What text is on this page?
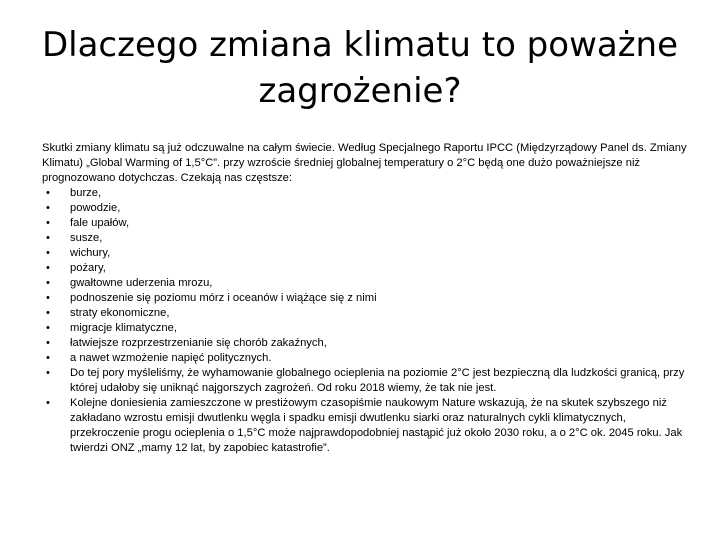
Dlaczego zmiana klimatu to poważne zagrożenie?

Skutki zmiany klimatu są już odczuwalne na całym świecie. Według Specjalnego Raportu IPCC (Międzyrządowy Panel ds. Zmiany Klimatu) „Global Warming of 1,5°C”. przy wzroście średniej globalnej temperatury o 2°C będą one dużo poważniejsze niż prognozowano dotychczas. Czekają nas częstsze:

• burze,
• powodzie,
• fale upałów,
• susze,
• wichury,
• pożary,
• gwałtowne uderzenia mrozu,
• podnoszenie się poziomu mórz i oceanów i wiążące się z nimi
• straty ekonomiczne,
• migracje klimatyczne,
• łatwiejsze rozprzestrzenianie się chorób zakaźnych,
• a nawet wzmożenie napięć politycznych.
• Do tej pory myśleliśmy, że wyhamowanie globalnego ocieplenia na poziomie 2°C jest bezpieczną dla ludzkości granicą, przy której udałoby się uniknąć najgorszych zagrożeń. Od roku 2018 wiemy, że tak nie jest.
• Kolejne doniesienia zamieszczone w prestiżowym czasopiśmie naukowym Nature wskazują, że na skutek szybszego niż zakładano wzrostu emisji dwutlenku węgla i spadku emisji dwutlenku siarki oraz naturalnych cykli klimatycznych, przekroczenie progu ocieplenia o 1,5°C może najprawdopodobniej nastąpić już około 2030 roku, a o 2°C ok. 2045 roku. Jak twierdzi ONZ „mamy 12 lat, by zapobiec katastrofie”.
